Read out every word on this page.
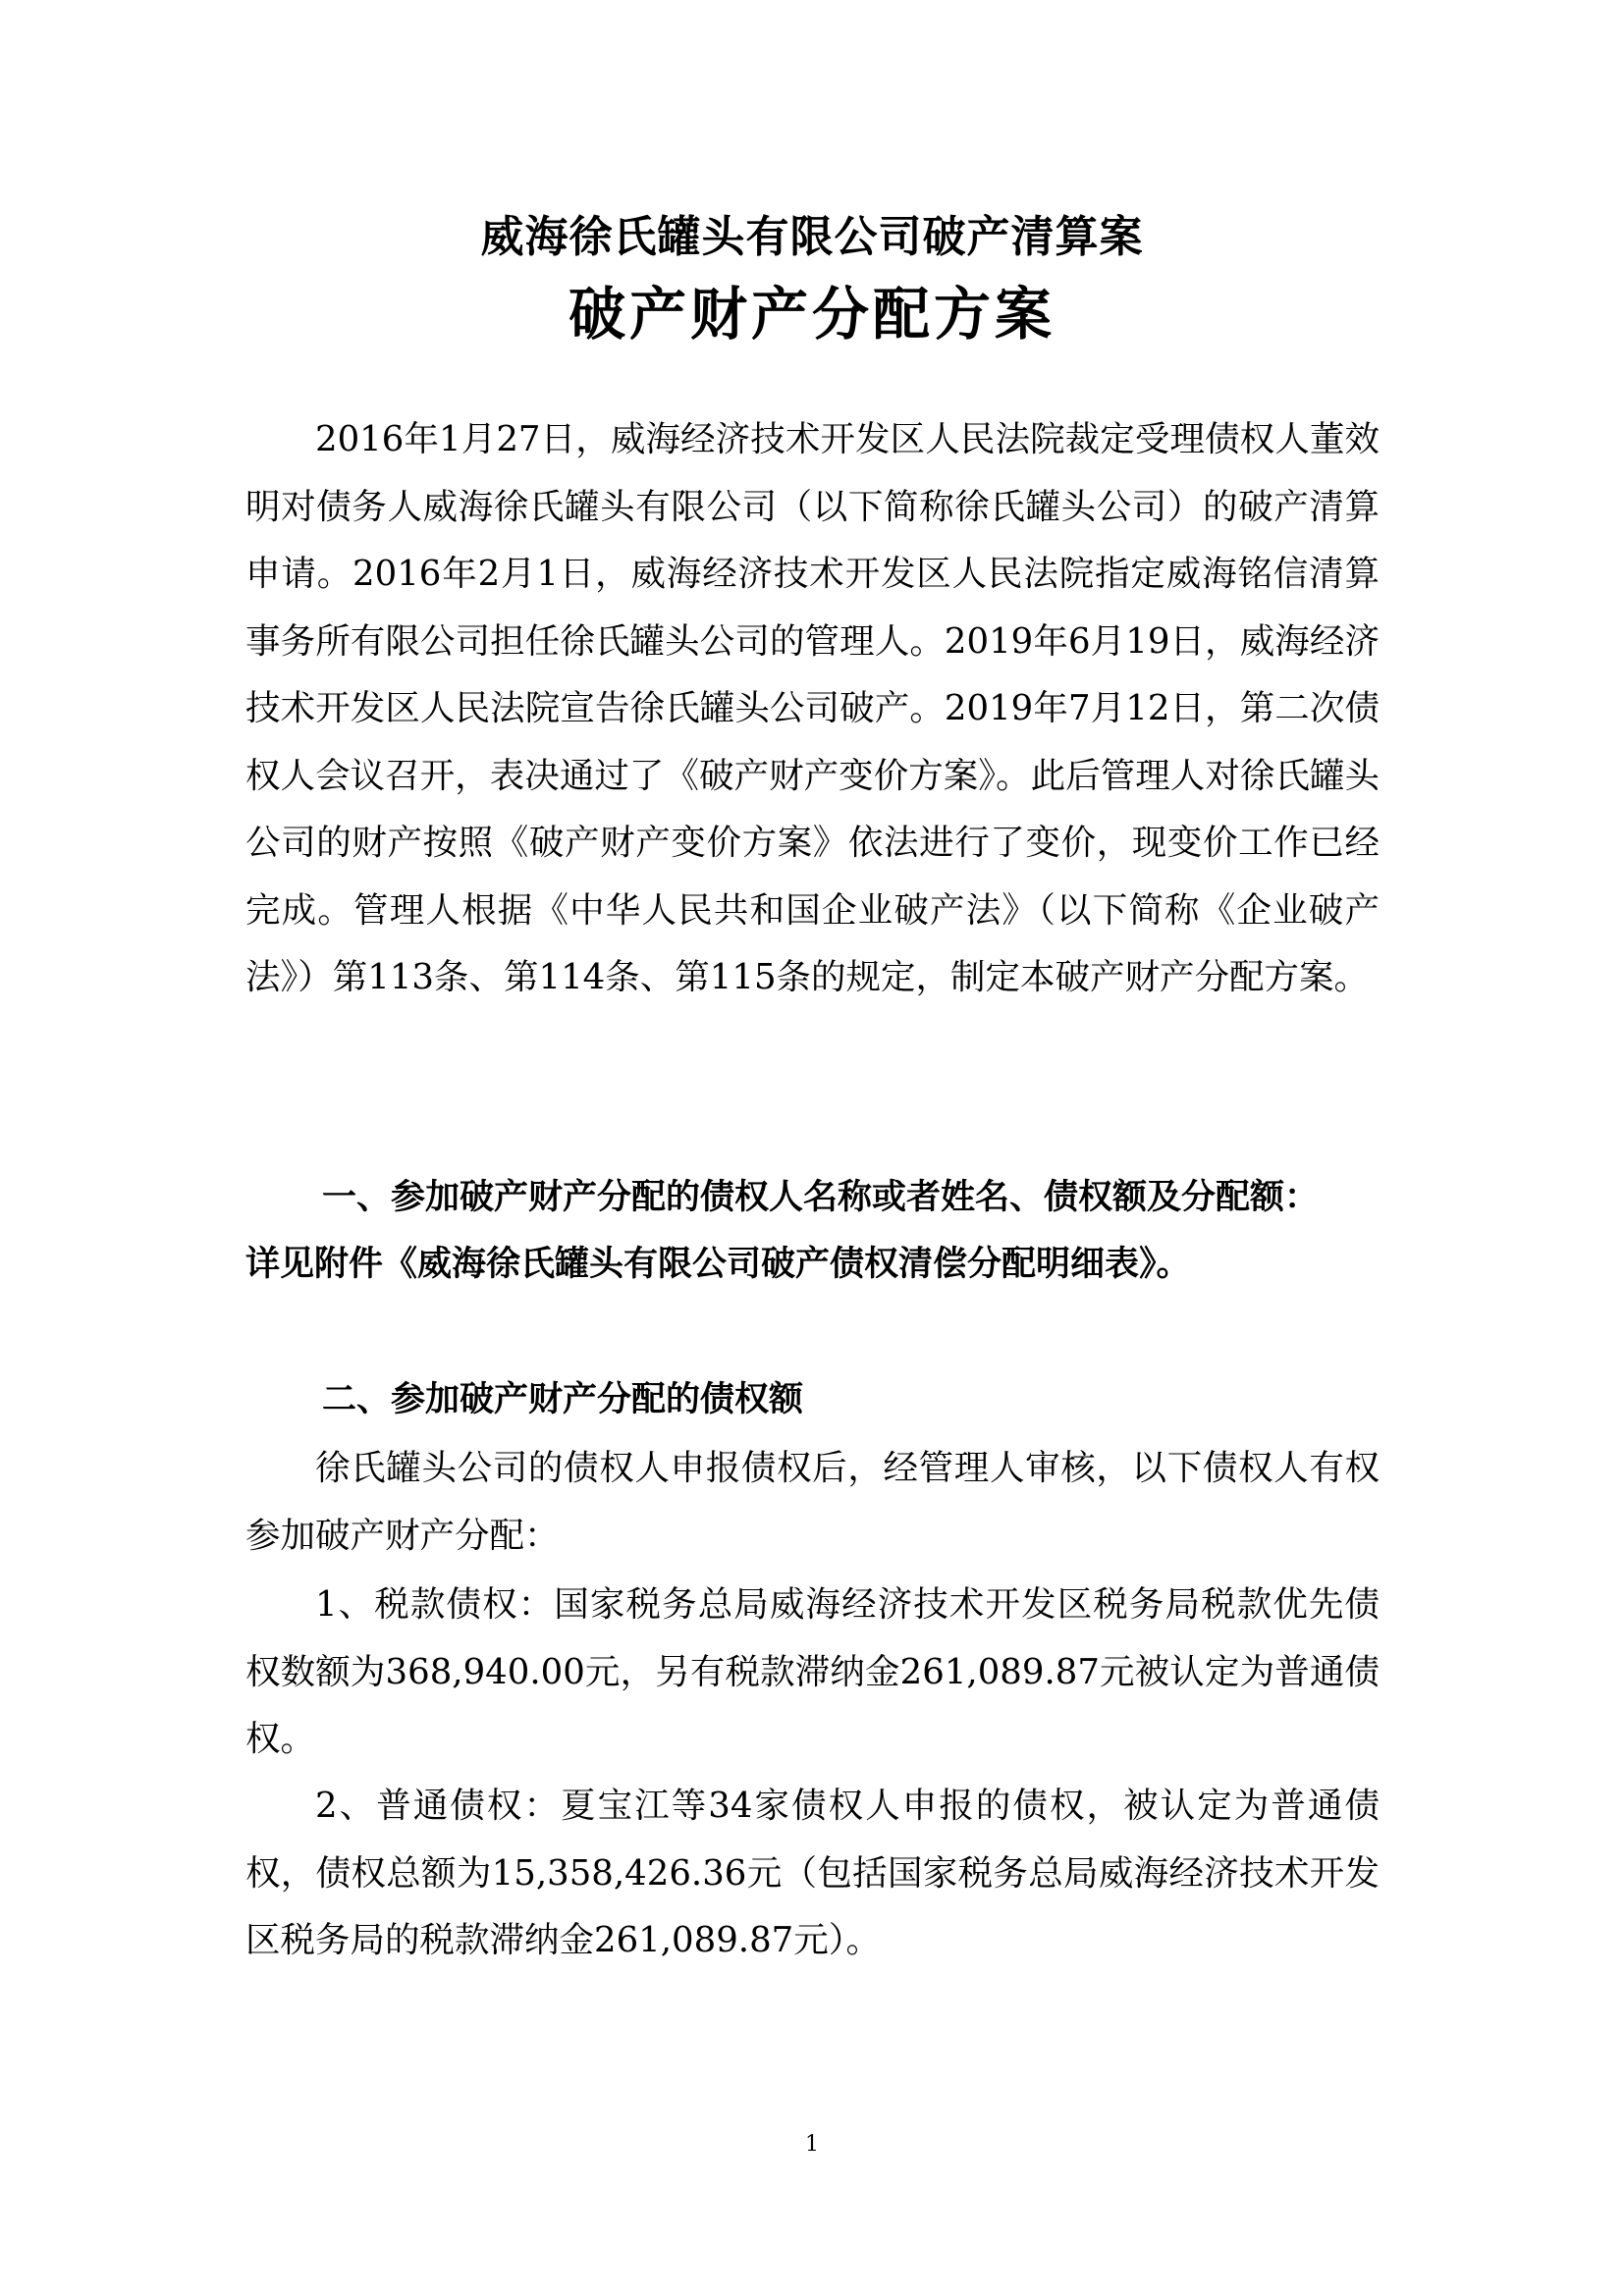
威海徐氏罐头有限公司破产清算案
破产财产分配方案

2016年1月27日，威海经济技术开发区人民法院裁定受理债权人董效明对债务人威海徐氏罐头有限公司（以下简称徐氏罐头公司）的破产清算申请。2016年2月1日，威海经济技术开发区人民法院指定威海铭信清算事务所有限公司担任徐氏罐头公司的管理人。2019年6月19日，威海经济技术开发区人民法院宣告徐氏罐头公司破产。2019年7月12日，第二次债权人会议召开，表决通过了《破产财产变价方案》。此后管理人对徐氏罐头公司的财产按照《破产财产变价方案》依法进行了变价，现变价工作已经完成。管理人根据《中华人民共和国企业破产法》（以下简称《企业破产法》）第113条、第114条、第115条的规定，制定本破产财产分配方案。

一、参加破产财产分配的债权人名称或者姓名、债权额及分配额：
详见附件《威海徐氏罐头有限公司破产债权清偿分配明细表》。
二、参加破产财产分配的债权额

徐氏罐头公司的债权人申报债权后，经管理人审核，以下债权人有权参加破产财产分配：

1、税款债权：国家税务总局威海经济技术开发区税务局税款优先债权数额为368,940.00元，另有税款滞纳金261,089.87元被认定为普通债权。

2、普通债权：夏宝江等34家债权人申报的债权，被认定为普通债权，债权总额为15,358,426.36元（包括国家税务总局威海经济技术开发区税务局的税款滞纳金261,089.87元）。

1
